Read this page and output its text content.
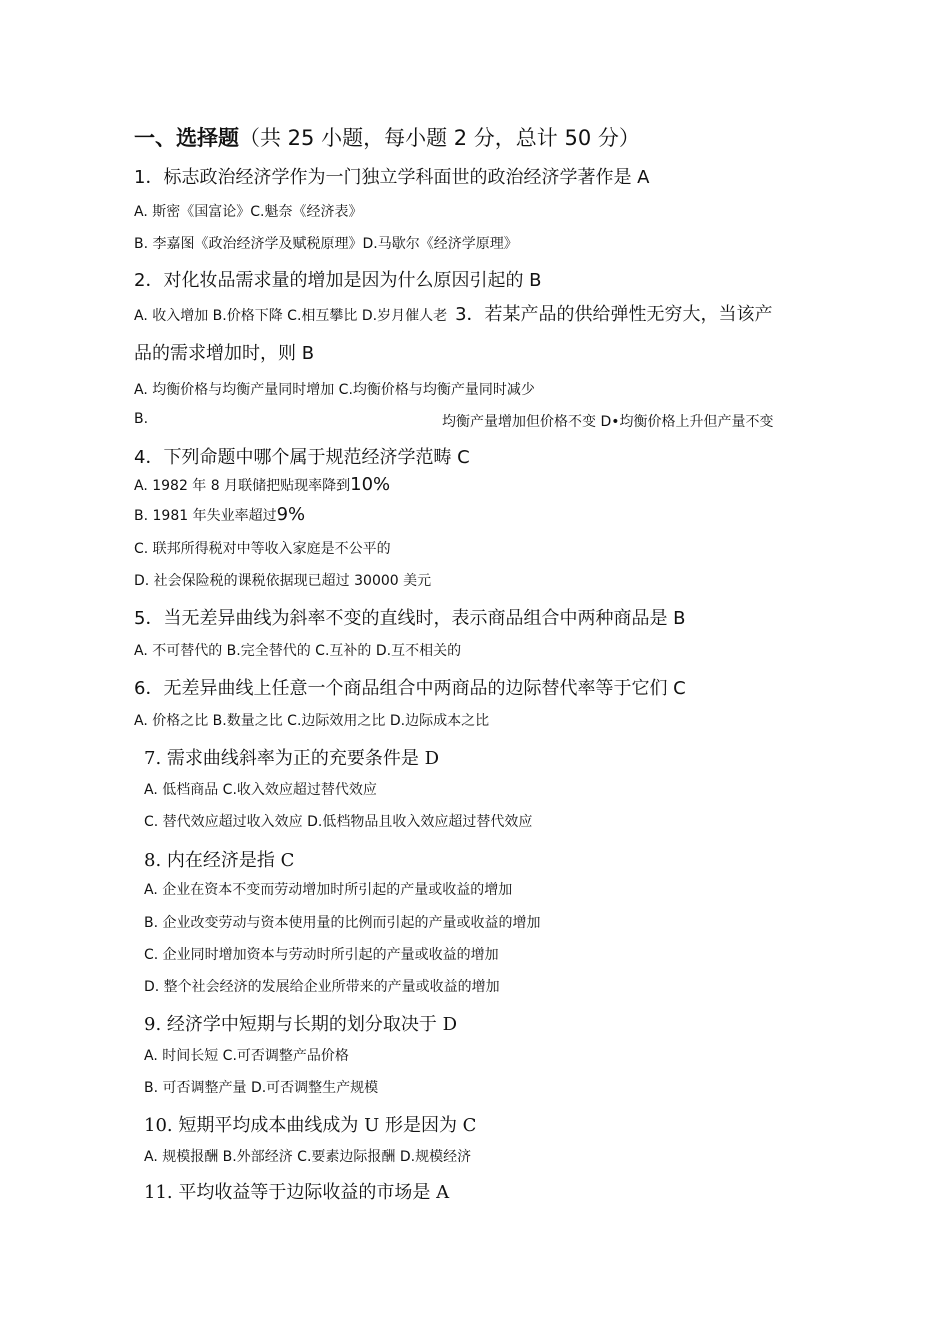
一、选择题（共 25 小题，每小题 2 分，总计 50 分）
1．标志政治经济学作为一门独立学科面世的政治经济学著作是 A
A. 斯密《国富论》C.魁奈《经济表》
B. 李嘉图《政治经济学及赋税原理》D.马歇尔《经济学原理》
2．对化妆品需求量的增加是因为什么原因引起的 B
A. 收入增加 B.价格下降 C.相互攀比 D.岁月催人老 3．若某产品的供给弹性无穷大，当该产
品的需求增加时，则 B
A. 均衡价格与均衡产量同时增加 C.均衡价格与均衡产量同时减少
B.	均衡产量增加但价格不变 D•均衡价格上升但产量不变
4．下列命题中哪个属于规范经济学范畴 C
A. 1982 年 8 月联储把贴现率降到10%
B. 1981 年失业率超过9%
C. 联邦所得税对中等收入家庭是不公平的
D. 社会保险税的课税依据现已超过 30000 美元
5．当无差异曲线为斜率不变的直线时，表示商品组合中两种商品是 B
A. 不可替代的 B.完全替代的 C.互补的 D.互不相关的
6．无差异曲线上任意一个商品组合中两商品的边际替代率等于它们 C
A. 价格之比 B.数量之比 C.边际效用之比 D.边际成本之比
7. 需求曲线斜率为正的充要条件是 D
A. 低档商品 C.收入效应超过替代效应
C. 替代效应超过收入效应 D.低档物品且收入效应超过替代效应
8. 内在经济是指 C
A. 企业在资本不变而劳动增加时所引起的产量或收益的增加
B. 企业改变劳动与资本使用量的比例而引起的产量或收益的增加
C. 企业同时增加资本与劳动时所引起的产量或收益的增加
D. 整个社会经济的发展给企业所带来的产量或收益的增加
9. 经济学中短期与长期的划分取决于 D
A. 时间长短 C.可否调整产品价格
B. 可否调整产量 D.可否调整生产规模
10. 短期平均成本曲线成为 U 形是因为 C
A. 规模报酬 B.外部经济 C.要素边际报酬 D.规模经济
11. 平均收益等于边际收益的市场是 A
